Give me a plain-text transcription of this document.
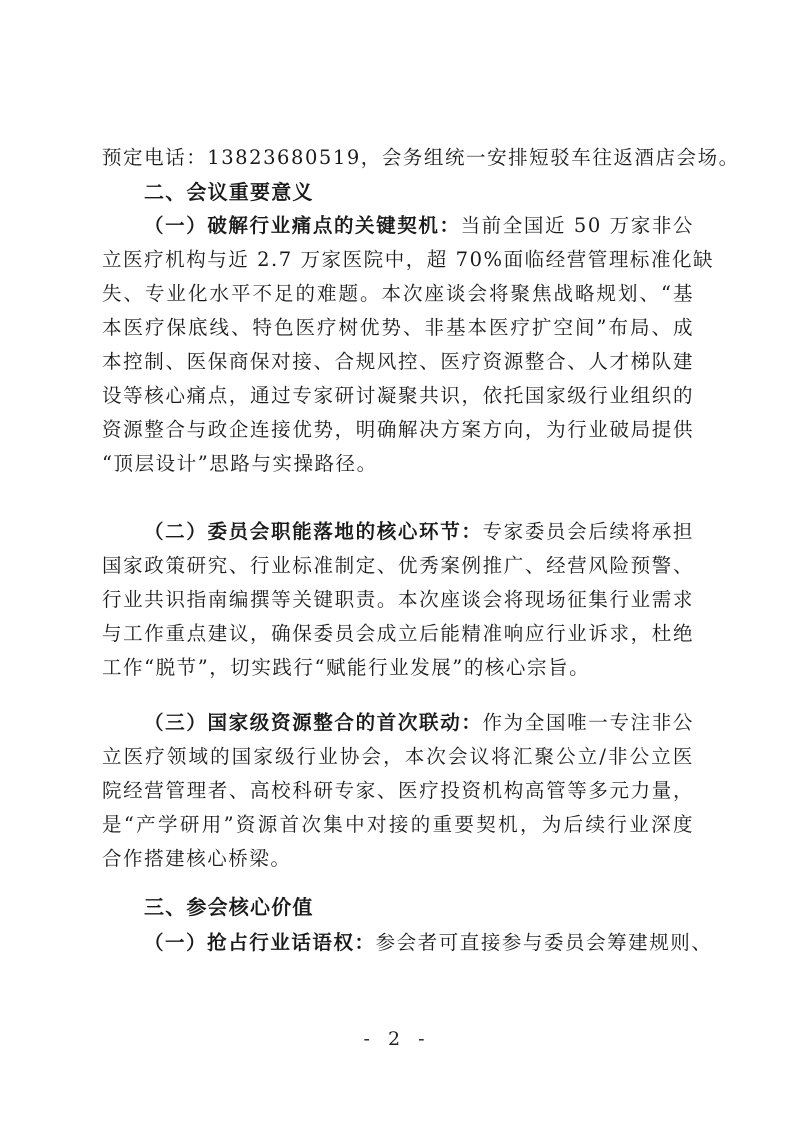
预定电话：13823680519，会务组统一安排短驳车往返酒店会场。
二、会议重要意义
（一）破解行业痛点的关键契机：当前全国近 50 万家非公
立医疗机构与近 2.7 万家医院中，超 70%面临经营管理标准化缺
失、专业化水平不足的难题。本次座谈会将聚焦战略规划、“基
本医疗保底线、特色医疗树优势、非基本医疗扩空间”布局、成
本控制、医保商保对接、合规风控、医疗资源整合、人才梯队建
设等核心痛点，通过专家研讨凝聚共识，依托国家级行业组织的
资源整合与政企连接优势，明确解决方案方向，为行业破局提供
“顶层设计”思路与实操路径。
（二）委员会职能落地的核心环节：专家委员会后续将承担
国家政策研究、行业标准制定、优秀案例推广、经营风险预警、
行业共识指南编撰等关键职责。本次座谈会将现场征集行业需求
与工作重点建议，确保委员会成立后能精准响应行业诉求，杜绝
工作“脱节”，切实践行“赋能行业发展”的核心宗旨。
（三）国家级资源整合的首次联动：作为全国唯一专注非公
立医疗领域的国家级行业协会，本次会议将汇聚公立/非公立医
院经营管理者、高校科研专家、医疗投资机构高管等多元力量，
是“产学研用”资源首次集中对接的重要契机，为后续行业深度
合作搭建核心桥梁。
三、参会核心价值
（一）抢占行业话语权：参会者可直接参与委员会筹建规则、
- 2 -
